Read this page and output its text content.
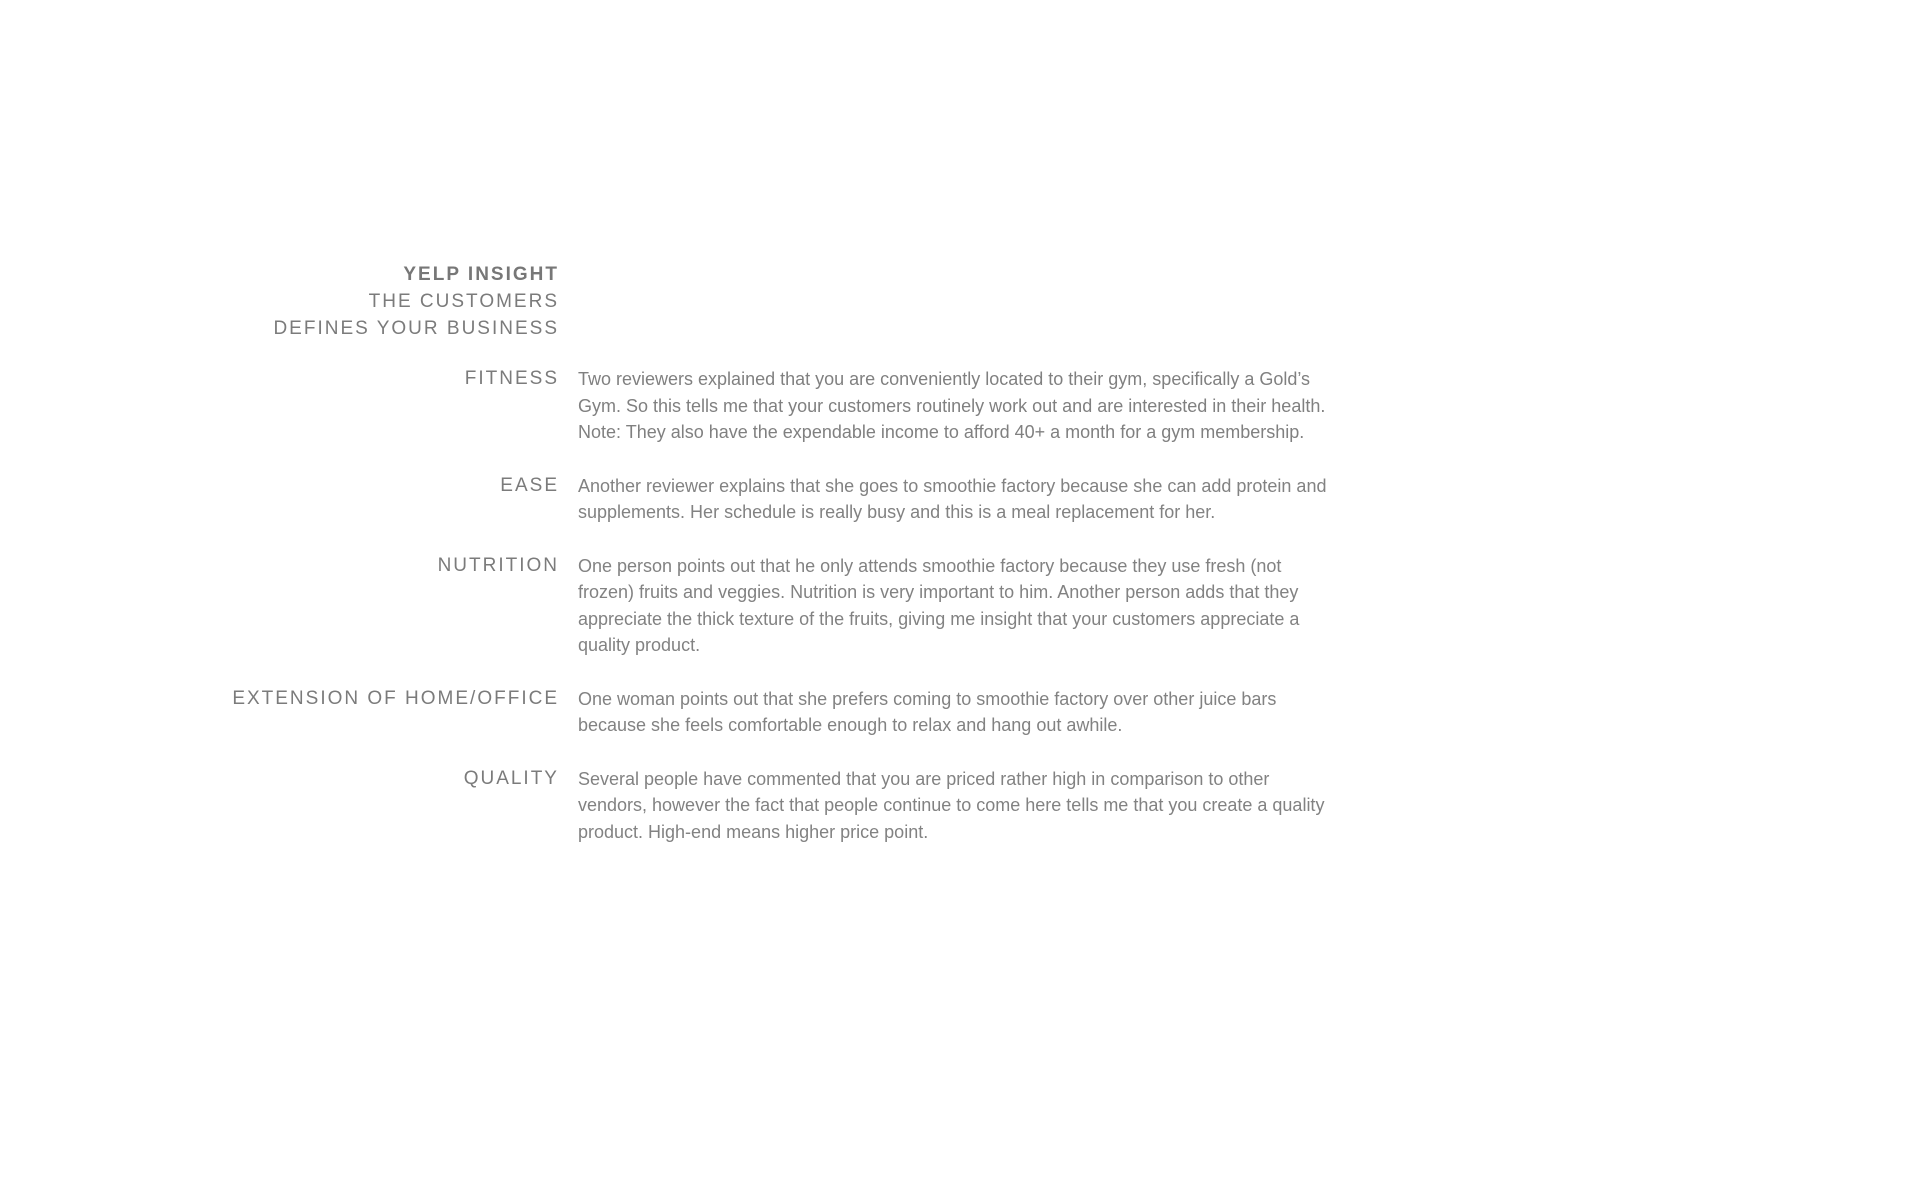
YELP INSIGHT
THE CUSTOMERS
DEFINES YOUR BUSINESS
FITNESS Two reviewers explained that you are conveniently located to their gym, specifically a Gold’s Gym. So this tells me that your customers routinely work out and are interested in their health. Note: They also have the expendable income to afford 40+ a month for a gym membership.
EASE Another reviewer explains that she goes to smoothie factory because she can add protein and supplements. Her schedule is really busy and this is a meal replacement for her.
NUTRITION One person points out that he only attends smoothie factory because they use fresh (not frozen) fruits and veggies. Nutrition is very important to him. Another person adds that they appreciate the thick texture of the fruits, giving me insight that your customers appreciate a quality product.
EXTENSION OF HOME/OFFICE One woman points out that she prefers coming to smoothie factory over other juice bars because she feels comfortable enough to relax and hang out awhile.
QUALITY Several people have commented that you are priced rather high in comparison to other vendors, however the fact that people continue to come here tells me that you create a quality product. High-end means higher price point.
